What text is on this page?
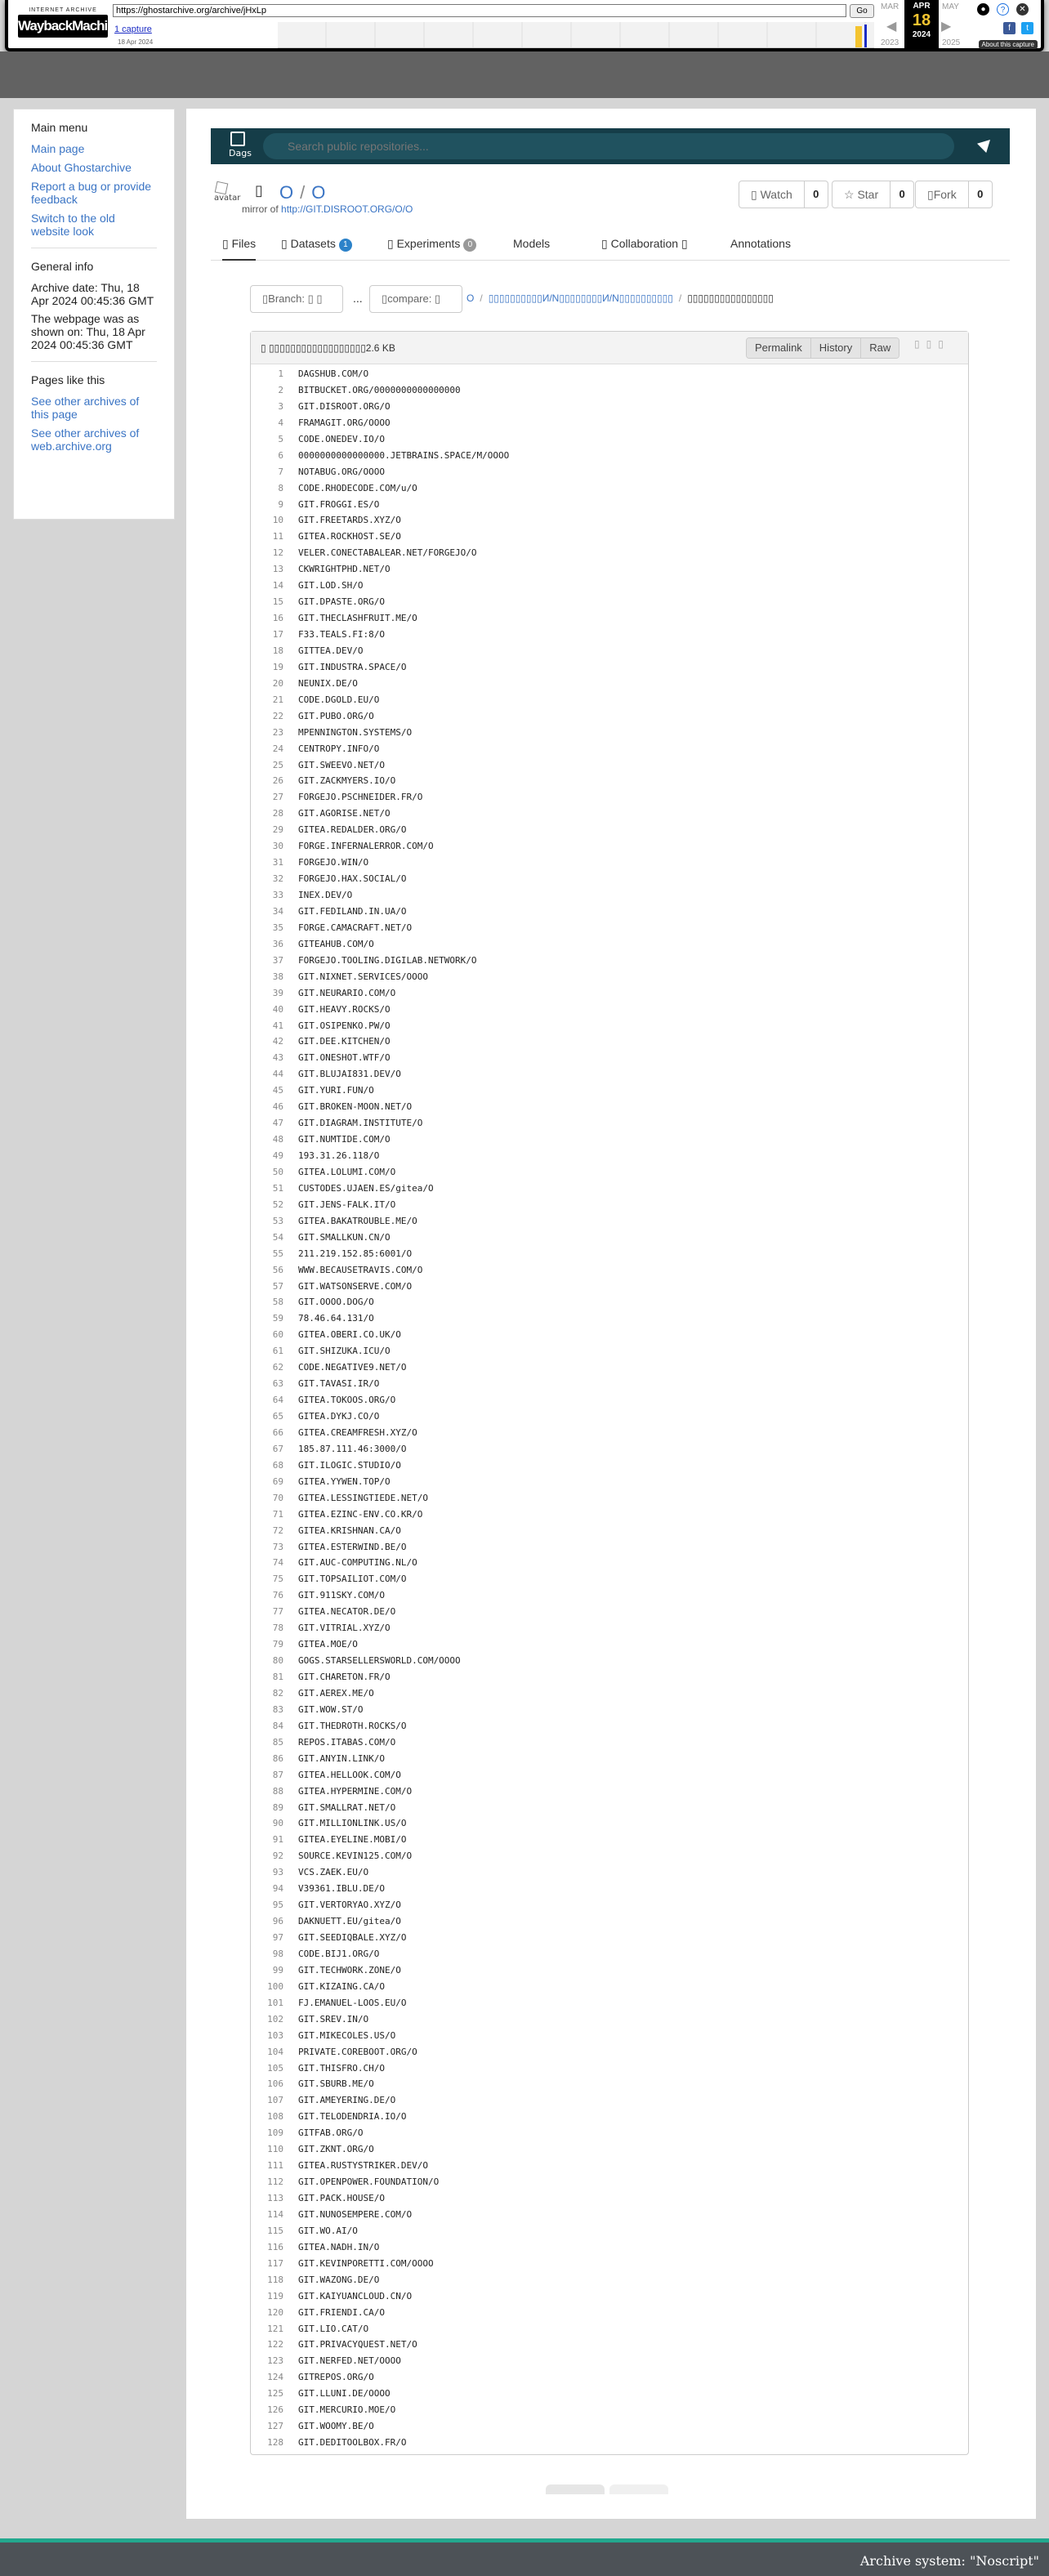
INTERNET ARCHIVE
WaybackMachine
https://ghostarchive.org/archive/jHxLp
Go
1 capture
18 Apr 2024
MAR
◀
2023
APR
18
2024
MAY
▶
2025
●	?	✕
f	t
About this capture
Main menu
Main page
About Ghostarchive
Report a bug or provide feedback
Switch to the old website look
General info

Archive date: Thu, 18 Apr 2024 00:45:36 GMT

The webpage was as shown on: Thu, 18 Apr 2024 00:45:36 GMT

Pages like this
See other archives of this page
See other archives of web.archive.org
Dags
Search public repositories...
avatar ▯ O / O
mirror of http://GIT.DISROOT.ORG/O/O
▯ Watch	0	☆ Star	0	▯Fork	0
▯ Files ▯ Datasets 1	▯ Experiments 0	Models	▯ Collaboration ▯	Annotations
▯Branch: ▯ ▯	...	▯compare: ▯	O / ▯▯▯▯▯▯▯▯▯▯И/N▯▯▯▯▯▯▯▯И/N▯▯▯▯▯▯▯▯▯▯ / ▯▯▯▯▯▯▯▯▯▯▯▯▯▯▯▯
▯ ▯▯▯▯▯▯▯▯▯▯▯▯▯▯▯▯▯▯2.6 KB	Permalink	History	Raw	▯▯▯
1	DAGSHUB.COM/O
2	BITBUCKET.ORG/0000000000000000
3	GIT.DISROOT.ORG/O
4	FRAMAGIT.ORG/OOOO
5	CODE.ONEDEV.IO/O
6	0000000000000000.JETBRAINS.SPACE/M/OOOO
7	NOTABUG.ORG/OOOO
8	CODE.RHODECODE.COM/u/O
9	GIT.FROGGI.ES/O
10	GIT.FREETARDS.XYZ/O
11	GITEA.ROCKHOST.SE/O
12	VELER.CONECTABALEAR.NET/FORGEJO/O
13	CKWRIGHTPHD.NET/O
14	GIT.LOD.SH/O
15	GIT.DPASTE.ORG/O
16	GIT.THECLASHFRUIT.ME/O
17	F33.TEALS.FI:8/O
18	GITTEA.DEV/O
19	GIT.INDUSTRA.SPACE/O
20	NEUNIX.DE/O
21	CODE.DGOLD.EU/O
22	GIT.PUBO.ORG/O
23	MPENNINGTON.SYSTEMS/O
24	CENTROPY.INFO/O
25	GIT.SWEEVO.NET/O
26	GIT.ZACKMYERS.IO/O
27	FORGEJO.PSCHNEIDER.FR/O
28	GIT.AGORISE.NET/O
29	GITEA.REDALDER.ORG/O
30	FORGE.INFERNALERROR.COM/O
31	FORGEJO.WIN/O
32	FORGEJO.HAX.SOCIAL/O
33	INEX.DEV/O
34	GIT.FEDILAND.IN.UA/O
35	FORGE.CAMACRAFT.NET/O
36	GITEAHUB.COM/O
37	FORGEJO.TOOLING.DIGILAB.NETWORK/O
38	GIT.NIXNET.SERVICES/OOOO
39	GIT.NEURARIO.COM/O
40	GIT.HEAVY.ROCKS/O
41	GIT.OSIPENKO.PW/O
42	GIT.DEE.KITCHEN/O
43	GIT.ONESHOT.WTF/O
44	GIT.BLUJAI831.DEV/O
45	GIT.YURI.FUN/O
46	GIT.BROKEN-MOON.NET/O
47	GIT.DIAGRAM.INSTITUTE/O
48	GIT.NUMTIDE.COM/O
49	193.31.26.118/O
50	GITEA.LOLUMI.COM/O
51	CUSTODES.UJAEN.ES/gitea/O
52	GIT.JENS-FALK.IT/O
53	GITEA.BAKATROUBLE.ME/O
54	GIT.SMALLKUN.CN/O
55	211.219.152.85:6001/O
56	WWW.BECAUSETRAVIS.COM/O
57	GIT.WATSONSERVE.COM/O
58	GIT.OOOO.DOG/O
59	78.46.64.131/O
60	GITEA.OBERI.CO.UK/O
61	GIT.SHIZUKA.ICU/O
62	CODE.NEGATIVE9.NET/O
63	GIT.TAVASI.IR/O
64	GITEA.TOKOOS.ORG/O
65	GITEA.DYKJ.CO/O
66	GITEA.CREAMFRESH.XYZ/O
67	185.87.111.46:3000/O
68	GIT.ILOGIC.STUDIO/O
69	GITEA.YYWEN.TOP/O
70	GITEA.LESSINGTIEDE.NET/O
71	GITEA.EZINC-ENV.CO.KR/O
72	GITEA.KRISHNAN.CA/O
73	GITEA.ESTERWIND.BE/O
74	GIT.AUC-COMPUTING.NL/O
75	GIT.TOPSAILIOT.COM/O
76	GIT.911SKY.COM/O
77	GITEA.NECATOR.DE/O
78	GIT.VITRIAL.XYZ/O
79	GITEA.MOE/O
80	GOGS.STARSELLERSWORLD.COM/OOOO
81	GIT.CHARETON.FR/O
82	GIT.AEREX.ME/O
83	GIT.WOW.ST/O
84	GIT.THEDROTH.ROCKS/O
85	REPOS.ITABAS.COM/O
86	GIT.ANYIN.LINK/O
87	GITEA.HELLOOK.COM/O
88	GITEA.HYPERMINE.COM/O
89	GIT.SMALLRAT.NET/O
90	GIT.MILLIONLINK.US/O
91	GITEA.EYELINE.MOBI/O
92	SOURCE.KEVIN125.COM/O
93	VCS.ZAEK.EU/O
94	V39361.IBLU.DE/O
95	GIT.VERTORYAO.XYZ/O
96	DAKNUETT.EU/gitea/O
97	GIT.SEEDIQBALE.XYZ/O
98	CODE.BIJ1.ORG/O
99	GIT.TECHWORK.ZONE/O
100	GIT.KIZAING.CA/O
101	FJ.EMANUEL-LOOS.EU/O
102	GIT.SREV.IN/O
103	GIT.MIKECOLES.US/O
104	PRIVATE.COREBOOT.ORG/O
105	GIT.THISFRO.CH/O
106	GIT.SBURB.ME/O
107	GIT.AMEYERING.DE/O
108	GIT.TELODENDRIA.IO/O
109	GITFAB.ORG/O
110	GIT.ZKNT.ORG/O
111	GITEA.RUSTYSTRIKER.DEV/O
112	GIT.OPENPOWER.FOUNDATION/O
113	GIT.PACK.HOUSE/O
114	GIT.NUNOSEMPERE.COM/O
115	GIT.WO.AI/O
116	GITEA.NADH.IN/O
117	GIT.KEVINPORETTI.COM/OOOO
118	GIT.WAZONG.DE/O
119	GIT.KAIYUANCLOUD.CN/O
120	GIT.FRIENDI.CA/O
121	GIT.LIO.CAT/O
122	GIT.PRIVACYQUEST.NET/O
123	GIT.NERFED.NET/OOOO
124	GITREPOS.ORG/O
125	GIT.LLUNI.DE/OOOO
126	GIT.MERCURIO.MOE/O
127	GIT.WOOMY.BE/O
128	GIT.DEDITOOLBOX.FR/O
Archive system: "Noscript"
